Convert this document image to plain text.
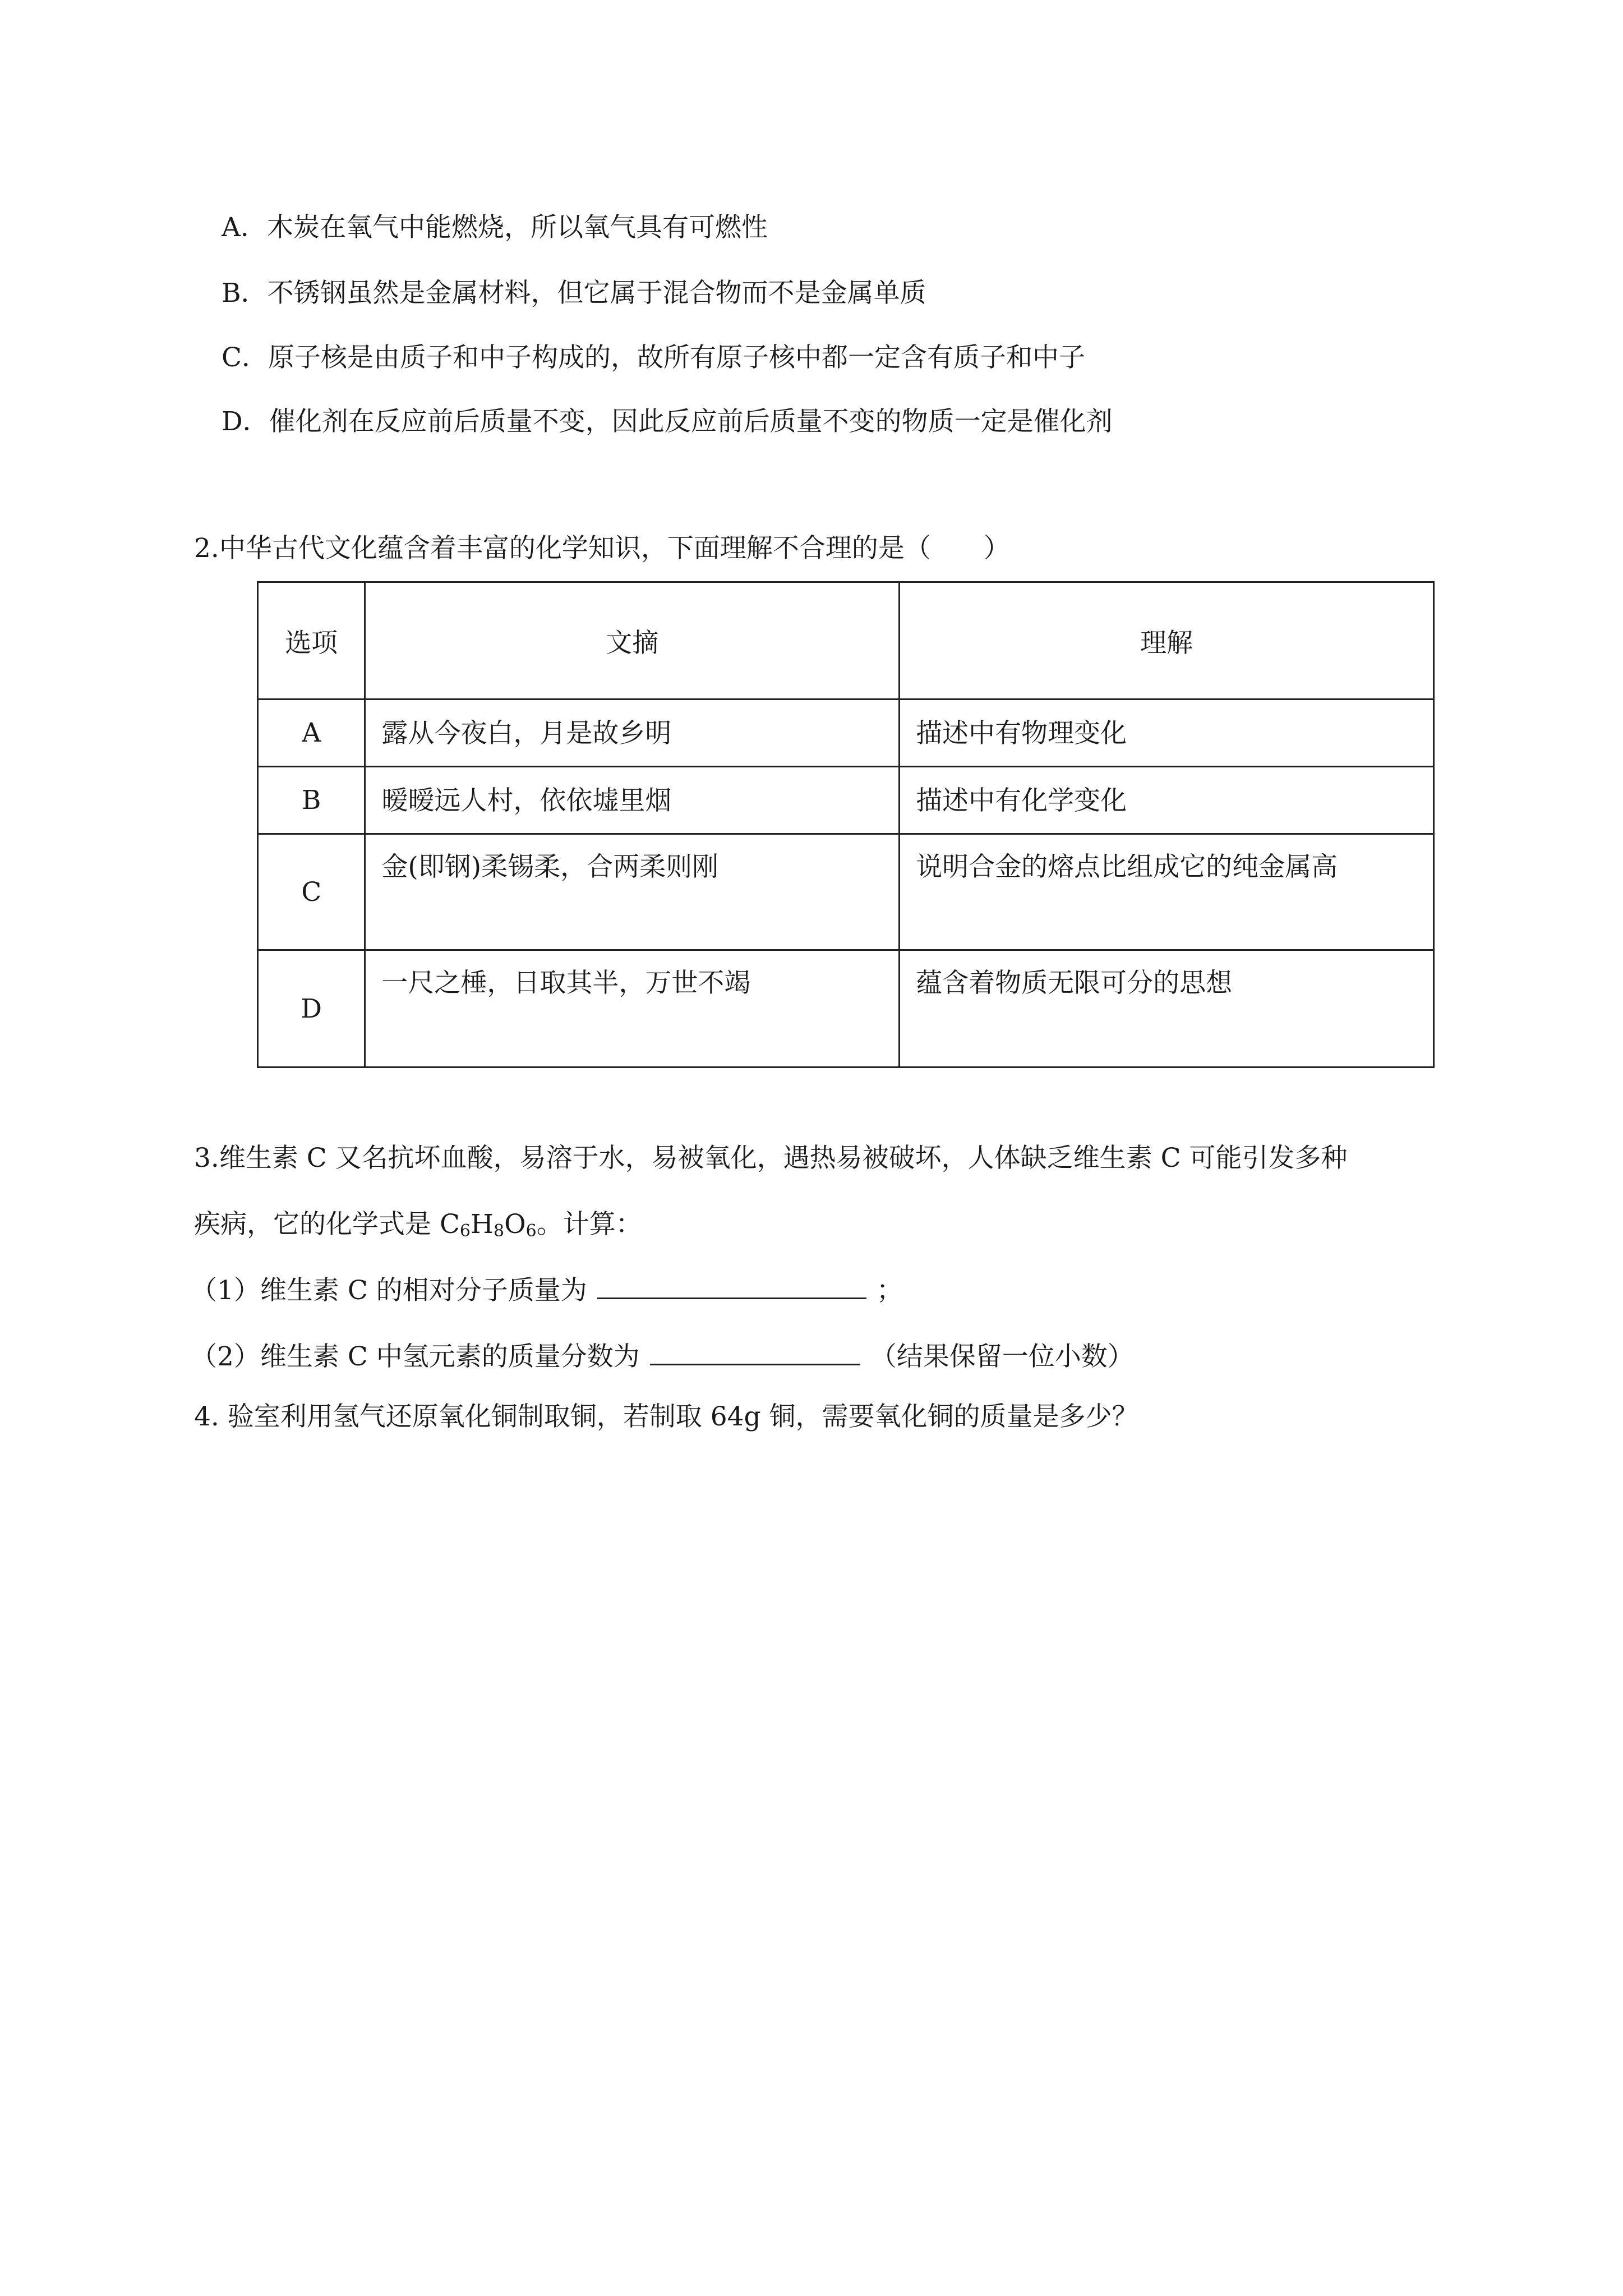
A．木炭在氧气中能燃烧，所以氧气具有可燃性
B．不锈钢虽然是金属材料，但它属于混合物而不是金属单质
C．原子核是由质子和中子构成的，故所有原子核中都一定含有质子和中子
D．催化剂在反应前后质量不变，因此反应前后质量不变的物质一定是催化剂
2.中华古代文化蕴含着丰富的化学知识，下面理解不合理的是（　　）
选项	文摘	理解
A	露从今夜白，月是故乡明	描述中有物理变化

B	暧暧远人村，依依墟里烟	描述中有化学变化

C	金(即钢)柔锡柔，合两柔则刚	说明合金的熔点比组成它的纯金属高

D	一尺之棰，日取其半，万世不竭	蕴含着物质无限可分的思想
3.维生素 C 又名抗坏血酸，易溶于水，易被氧化，遇热易被破坏，人体缺乏维生素 C 可能引发多种
疾病，它的化学式是 $C_6H_8O_6$。计算：
（1）维生素 C 的相对分子质量为	；
（2）维生素 C 中氢元素的质量分数为	（结果保留一位小数）
4. 验室利用氢气还原氧化铜制取铜，若制取 64g 铜，需要氧化铜的质量是多少？
